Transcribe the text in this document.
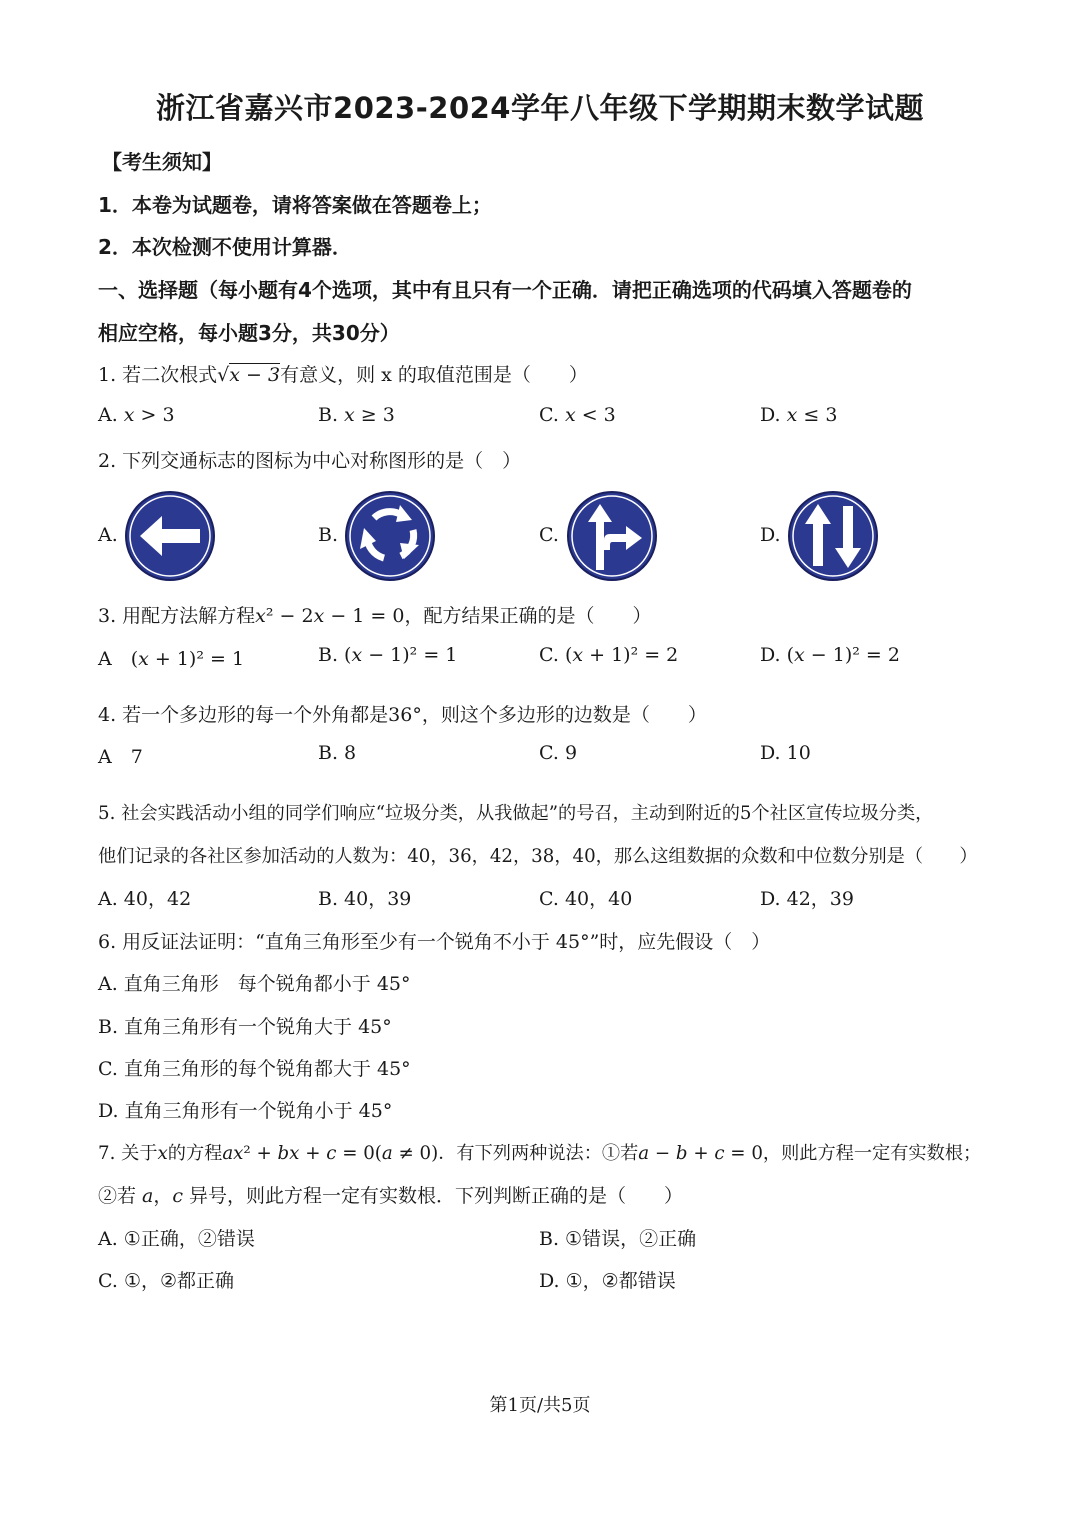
浙江省嘉兴市2023-2024学年八年级下学期期末数学试题
【考生须知】
1．本卷为试题卷，请将答案做在答题卷上；
2．本次检测不使用计算器．
一、选择题（每小题有4个选项，其中有且只有一个正确．请把正确选项的代码填入答题卷的
相应空格，每小题3分，共30分）
1. 若二次根式√x − 3有意义，则 x 的取值范围是（　　）
A. 𝑥 > 3	B. 𝑥 ≥ 3	C. 𝑥 < 3	D. 𝑥 ≤ 3
2. 下列交通标志的图标为中心对称图形的是（　）
A.	B.	C.	D.
3. 用配方法解方程𝑥² − 2𝑥 − 1 = 0，配方结果正确的是（　　）
A　(𝑥 + 1)² = 1	B. (𝑥 − 1)² = 1	C. (𝑥 + 1)² = 2	D. (𝑥 − 1)² = 2
4. 若一个多边形的每一个外角都是36°，则这个多边形的边数是（　　）
A　7	B. 8	C. 9	D. 10
5. 社会实践活动小组的同学们响应“垃圾分类，从我做起”的号召，主动到附近的5个社区宣传垃圾分类，
他们记录的各社区参加活动的人数为：40，36，42，38，40，那么这组数据的众数和中位数分别是（　　）
A. 40，42	B. 40，39	C. 40，40	D. 42，39
6. 用反证法证明：“直角三角形至少有一个锐角不小于 45°”时，应先假设（　）
A. 直角三角形　每个锐角都小于 45°
B. 直角三角形有一个锐角大于 45°
C. 直角三角形的每个锐角都大于 45°
D. 直角三角形有一个锐角小于 45°
7. 关于𝑥的方程𝑎𝑥² + 𝑏𝑥 + 𝑐 = 0(𝑎 ≠ 0)．有下列两种说法：①若𝑎 − 𝑏 + 𝑐 = 0，则此方程一定有实数根；
②若 𝑎，𝑐 异号，则此方程一定有实数根．下列判断正确的是（　　）
A. ①正确，②错误	B. ①错误，②正确
C. ①，②都正确	D. ①，②都错误
第1页/共5页
